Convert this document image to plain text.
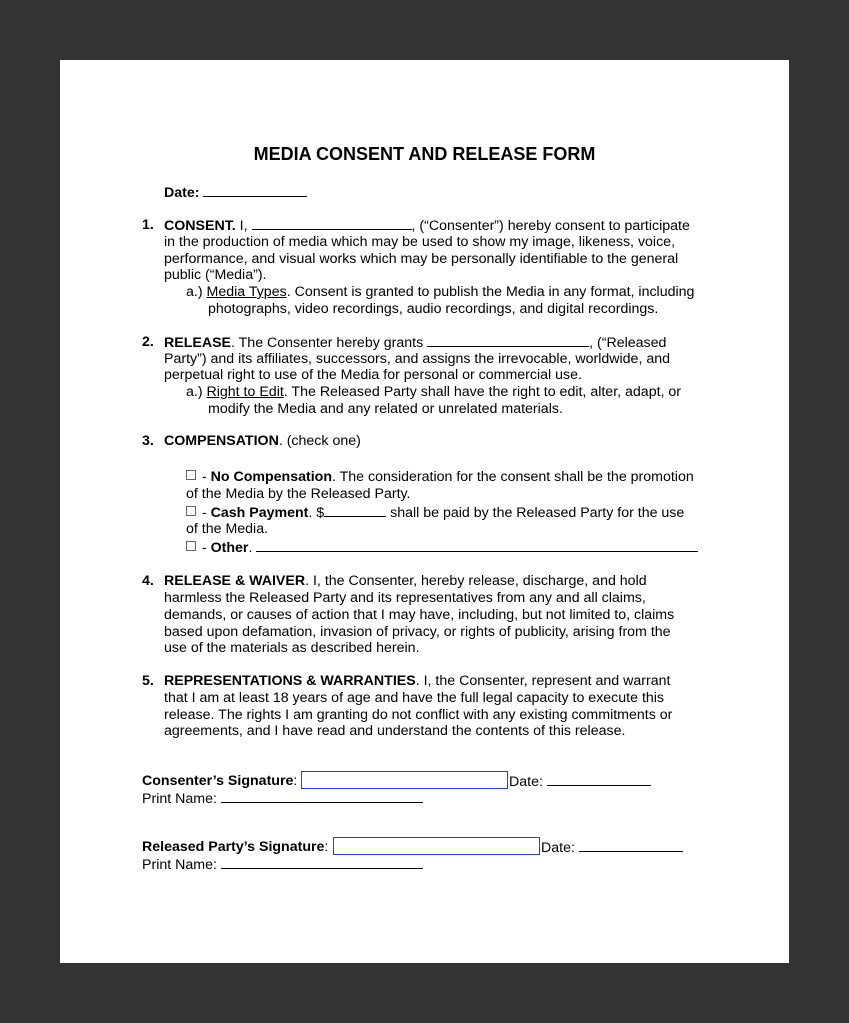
MEDIA CONSENT AND RELEASE FORM
Date:
1. CONSENT. I,	, (“Consenter”) hereby consent to participate
in the production of media which may be used to show my image, likeness, voice,
performance, and visual works which may be personally identifiable to the general
public (“Media”).
a.) Media Types. Consent is granted to publish the Media in any format, including
photographs, video recordings, audio recordings, and digital recordings.
2. RELEASE. The Consenter hereby grants	, (“Released
Party”) and its affiliates, successors, and assigns the irrevocable, worldwide, and
perpetual right to use of the Media for personal or commercial use.
a.) Right to Edit. The Released Party shall have the right to edit, alter, adapt, or
modify the Media and any related or unrelated materials.
3. COMPENSATION. (check one)
- No Compensation. The consideration for the consent shall be the promotion
of the Media by the Released Party.
- Cash Payment. $	shall be paid by the Released Party for the use
of the Media.
- Other.
4. RELEASE & WAIVER. I, the Consenter, hereby release, discharge, and hold
harmless the Released Party and its representatives from any and all claims,
demands, or causes of action that I may have, including, but not limited to, claims
based upon defamation, invasion of privacy, or rights of publicity, arising from the
use of the materials as described herein.
5. REPRESENTATIONS & WARRANTIES. I, the Consenter, represent and warrant
that I am at least 18 years of age and have the full legal capacity to execute this
release. The rights I am granting do not conflict with any existing commitments or
agreements, and I have read and understand the contents of this release.
Consenter’s Signature:	Date:
Print Name:
Released Party’s Signature:	Date:
Print Name:
